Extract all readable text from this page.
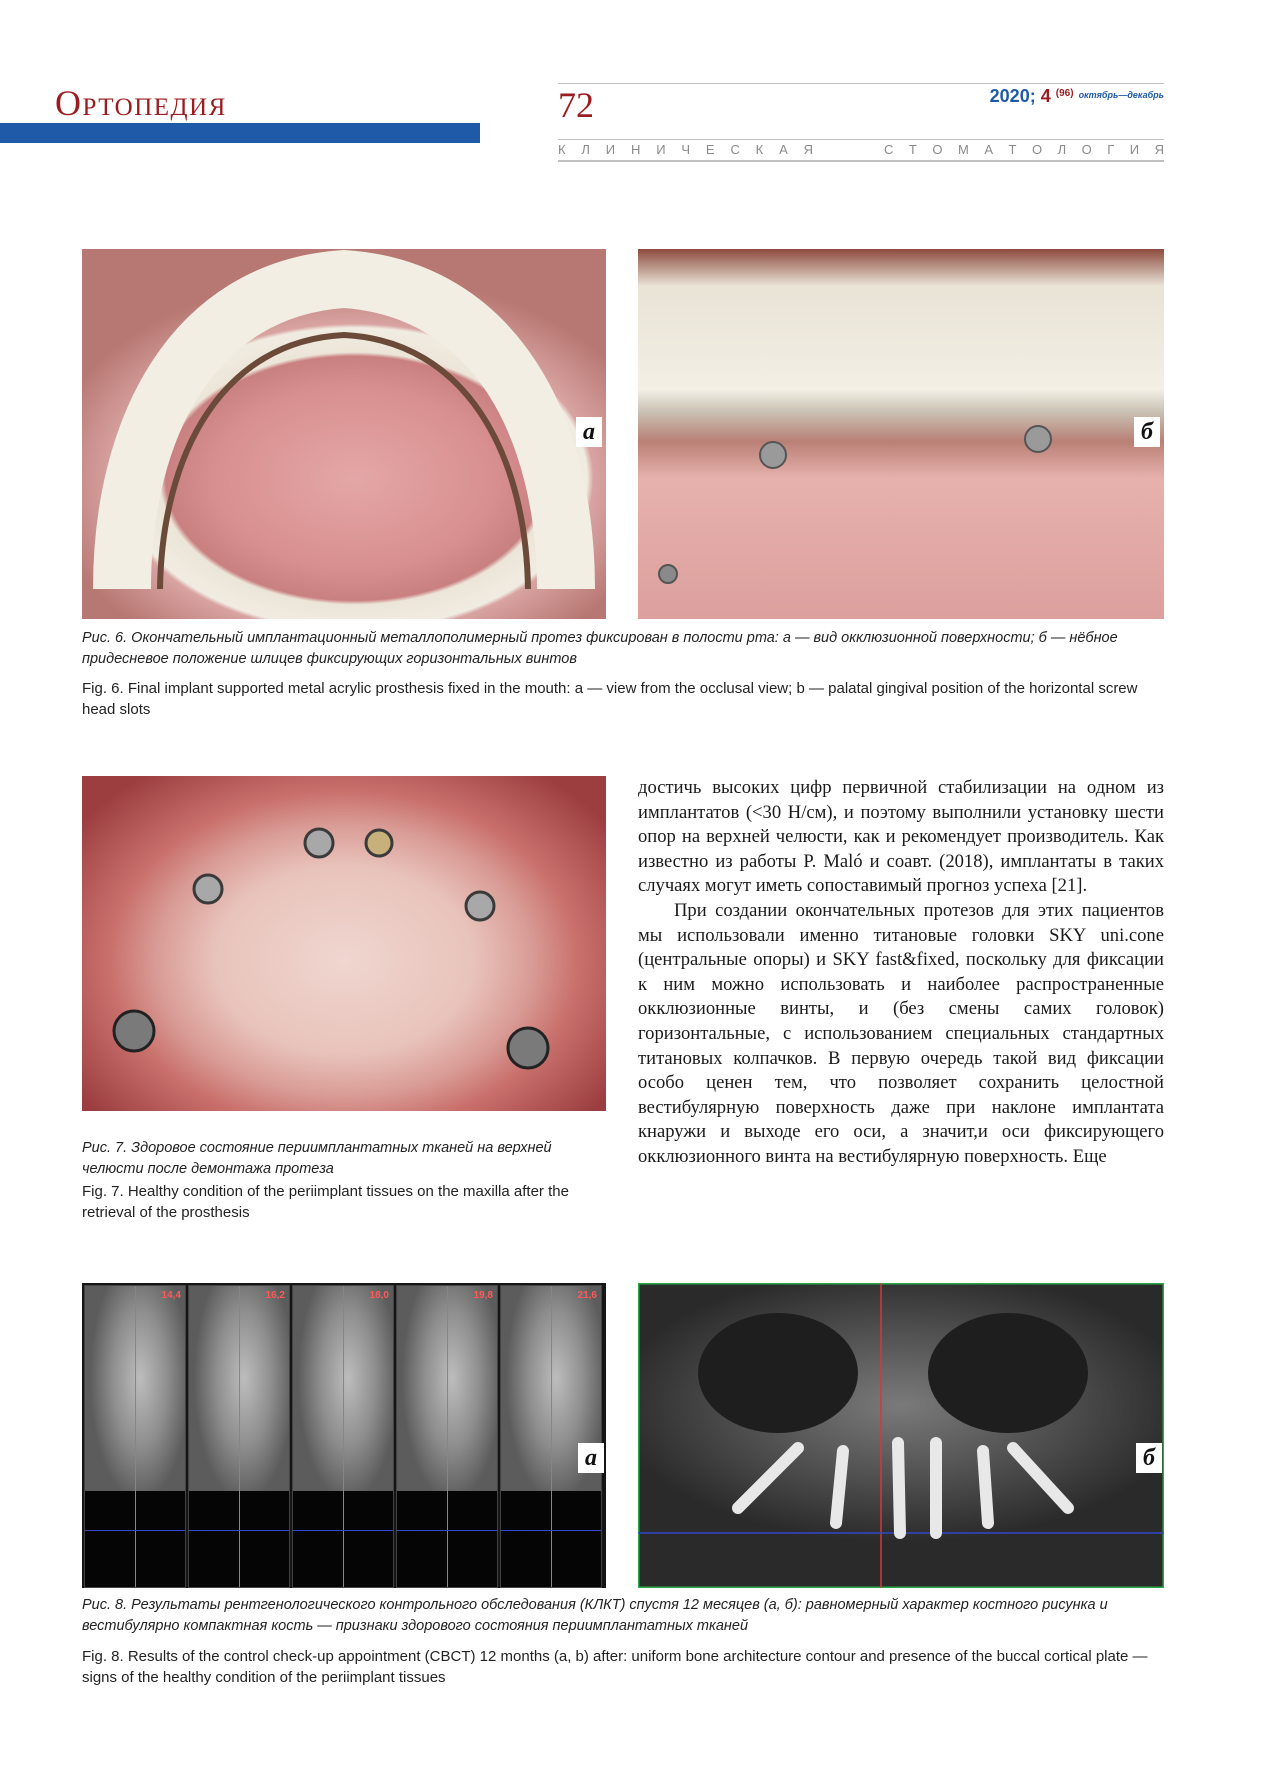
Ортопедия	72	2020; 4 $^{(96)}$ $^{октябрь—декабрь}$
К Л И Н И Ч Е С К А Я	С Т О М А Т О Л О Г И Я
а	б
Рис. 6. Окончательный имплантационный металлополимерный протез фиксирован в полости рта: а — вид окклюзионной поверхности; б — нёбное придесневое положение шлицев фиксирующих горизонтальных винтов
Fig. 6. Final implant supported metal acrylic prosthesis fixed in the mouth: a — view from the occlusal view; b — palatal gingival position of the horizontal screw head slots
Рис. 7. Здоровое состояние периимплантатных тканей на верхней челюсти после демонтажа протеза
Fig. 7. Healthy condition of the periimplant tissues on the maxilla after the retrieval of the prosthesis

достичь высоких цифр первичной стабилизации на одном из имплантатов (<30 Н/см), и поэтому выполнили установку шести опор на верхней челюсти, как и рекомендует производитель. Как известно из работы P. Maló и соавт. (2018), имплантаты в таких случаях могут иметь сопоставимый прогноз успеха [21].

При создании окончательных протезов для этих пациентов мы использовали именно титановые головки SKY uni.cone (центральные опоры) и SKY fast&fixed, поскольку для фиксации к ним можно использовать и наиболее распространенные окклюзионные винты, и (без смены самих головок) горизонтальные, с использованием специальных стандартных титановых колпачков. В первую очередь такой вид фиксации особо ценен тем, что позволяет сохранить целостной вестибулярную поверхность даже при наклоне имплантата кнаружи и выходе его оси, а значит,и оси фиксирующего окклюзионного винта на вестибулярную поверхность. Еще

14,4	16,2	18,0	19,8	21,6
а	б
Рис. 8. Результаты рентгенологического контрольного обследования (КЛКТ) спустя 12 месяцев (а, б): равномерный характер костного рисунка и вестибулярно компактная кость — признаки здорового состояния периимплантатных тканей
Fig. 8. Results of the control check-up appointment (CBCT) 12 months (a, b) after: uniform bone architecture contour and presence of the buccal cortical plate — signs of the healthy condition of the periimplant tissues
